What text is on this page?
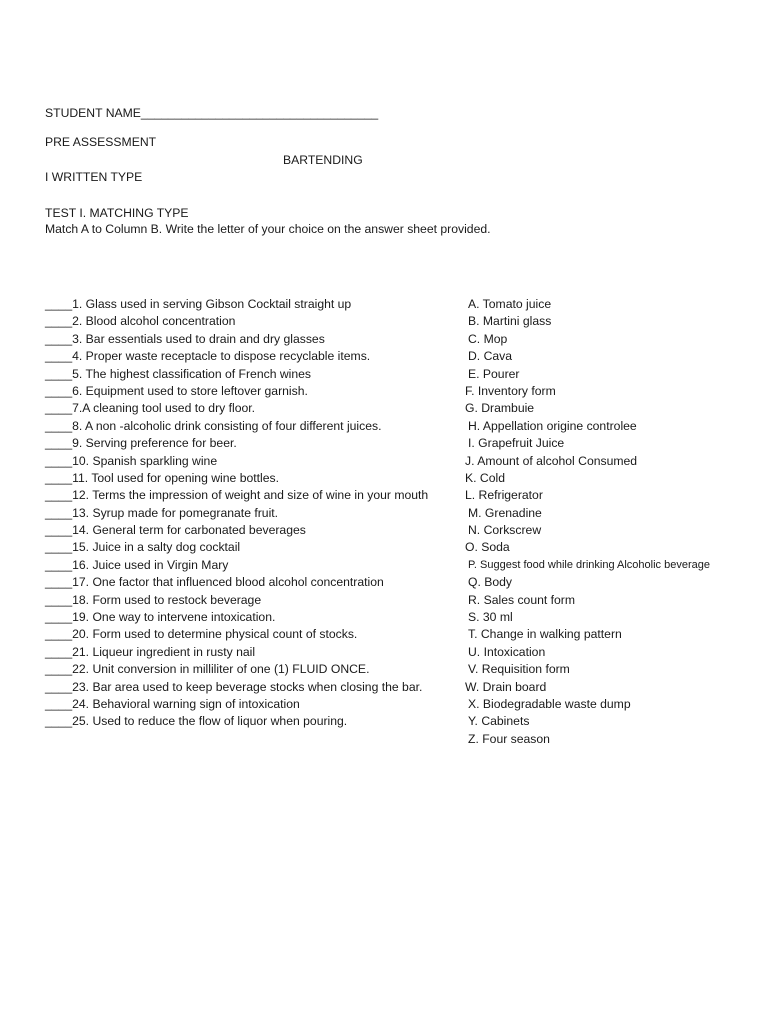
STUDENT NAME___________________________________
PRE ASSESSMENT
BARTENDING
I WRITTEN TYPE
TEST I. MATCHING TYPE
Match A to Column B. Write the letter of your choice on the answer sheet provided.
____1. Glass used in serving Gibson Cocktail straight up
____2. Blood alcohol concentration
____3. Bar essentials used to drain and dry glasses
____4. Proper waste receptacle to dispose recyclable items.
____5. The highest classification of French wines
____6. Equipment used to store leftover garnish.
____7.A cleaning tool used to dry floor.
____8. A non -alcoholic drink consisting of four different juices.
____9. Serving preference for beer.
____10. Spanish sparkling wine
____11. Tool used for opening wine bottles.
____12. Terms the impression of weight and size of wine in your mouth
____13. Syrup made for pomegranate fruit.
____14. General term for carbonated beverages
____15. Juice in a salty dog cocktail
____16. Juice used in Virgin Mary
____17. One factor that influenced blood alcohol concentration
____18. Form used to restock beverage
____19. One way to intervene intoxication.
____20. Form used to determine physical count of stocks.
____21. Liqueur ingredient in rusty nail
____22. Unit conversion in milliliter of one (1) FLUID ONCE.
____23. Bar area used to keep beverage stocks when closing the bar.
____24. Behavioral warning sign of intoxication
____25. Used to reduce the flow of liquor when pouring.
A. Tomato juice
B. Martini glass
C. Mop
D. Cava
E. Pourer
F. Inventory form
G. Drambuie
H. Appellation origine controlee
I. Grapefruit Juice
J. Amount of alcohol Consumed
K. Cold
L. Refrigerator
M. Grenadine
N. Corkscrew
O. Soda
P. Suggest food while drinking Alcoholic beverage
Q. Body
R. Sales count form
S. 30 ml
T. Change in walking pattern
U. Intoxication
V. Requisition form
W. Drain board
X. Biodegradable waste dump
Y. Cabinets
Z. Four season
